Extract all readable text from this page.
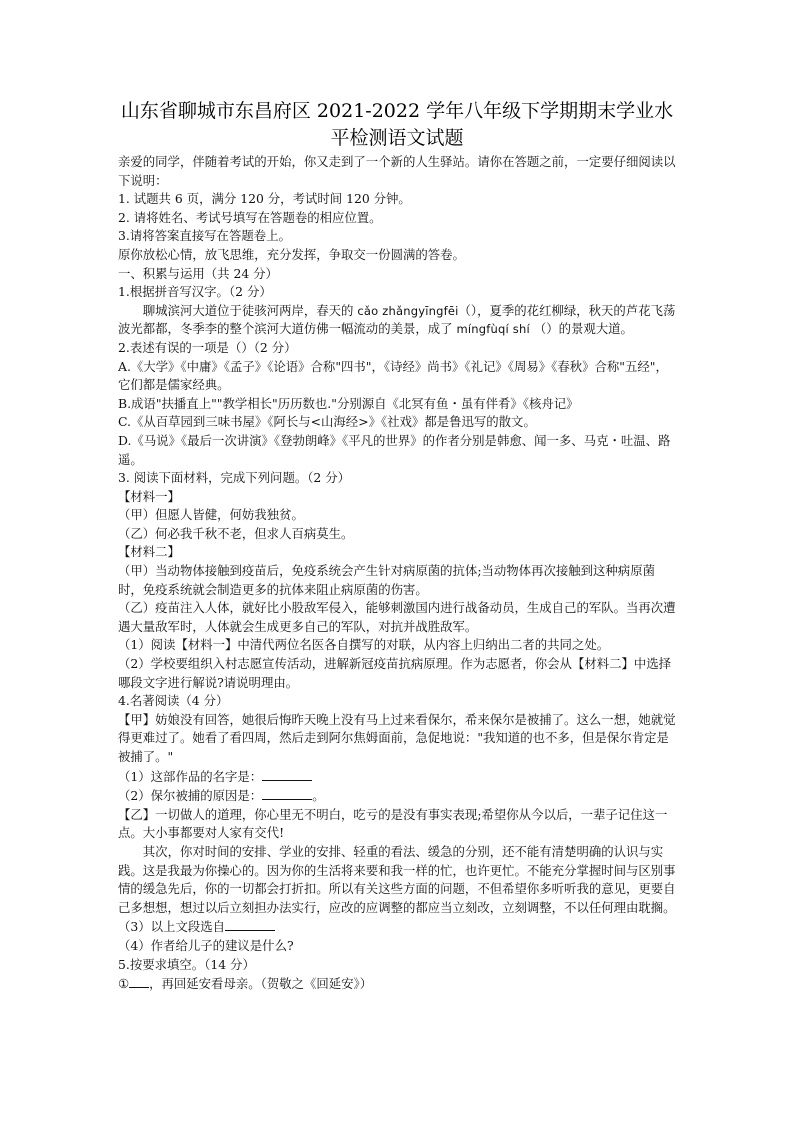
山东省聊城市东昌府区 2021-2022 学年八年级下学期期末学业水平检测语文试题

亲爱的同学，伴随着考试的开始，你又走到了一个新的人生驿站。请你在答题之前，一定要仔细阅读以下说明：

1. 试题共 6 页，满分 120 分，考试时间 120 分钟。

2. 请将姓名、考试号填写在答题卷的相应位置。

3.请将答案直接写在答题卷上。

原你放松心情，放飞思维，充分发挥，争取交一份圆满的答卷。

一、积累与运用（共 24 分）

1.根据拼音写汉字。（2 分）

聊城滨河大道位于徒骇河两岸，春天的 cǎo zhǎngyīngfēi（），夏季的花红柳绿，秋天的芦花飞荡波光都都，冬季李的整个滨河大道仿佛一幅流动的美景，成了 míngfùqí shí （）的景观大道。

2.表述有误的一项是（）（2 分）

A.《大学》《中庸》《孟子》《论语》合称"四书"，《诗经》尚书》《礼记》《周易》《春秋》合称"五经"，它们都是儒家经典。

B.成语"扶播直上""教学相长"历历数也."分别源自《北冥有鱼・虽有伴肴》《核舟记》

C.《从百草园到三味书屋》《阿长与<山海经>》《社戏》都是鲁迅写的散文。

D.《马说》《最后一次讲演》《登勃朗峰》《平凡的世界》的作者分别是韩愈、闻一多、马克・吐温、路遥。

3. 阅读下面材料，完成下列问题。（2 分）

【材料一】

（甲）但愿人皆健，何妨我独贫。

（乙）何必我千秋不老，但求人百病莫生。

【材料二】

（甲）当动物体接触到疫苗后，免疫系统会产生针对病原菌的抗体;当动物体再次接触到这种病原菌时，免疫系统就会制造更多的抗体来阻止病原菌的伤害。

（乙）疫苗注入人体，就好比小股敌军侵入，能够刺激国内进行战备动员，生成自己的军队。当再次遭遇大量敌军时，人体就会生成更多自己的军队，对抗并战胜敌军。

（1）阅读【材料一】中清代两位名医各自撰写的对联，从内容上归纳出二者的共同之处。

（2）学校要组织入村志愿宣传活动，进解新冠疫苗抗病原理。作为志愿者，你会从【材料二】中选择哪段文字进行解说?请说明理由。

4.名著阅读（4 分）

【甲】妨娘没有回答，她很后悔昨天晚上没有马上过来看保尔，希来保尔是被捕了。这么一想，她就觉得更难过了。她看了看四周，然后走到阿尔焦姆面前，急促地说："我知道的也不多，但是保尔肯定是被捕了。"

（1）这部作品的名字是：

（2）保尔被捕的原因是：	。

【乙】一切做人的道理，你心里无不明白，吃亏的是没有事实表现;希望你从今以后，一辈子记住这一点。大小事都要对人家有交代!

其次，你对时间的安排、学业的安排、轻重的看法、缓急的分别，还不能有清楚明确的认识与实践。这是我最为你操心的。因为你的生活将来要和我一样的忙，也许更忙。不能充分掌握时间与区别事情的缓急先后，你的一切都会打折扣。所以有关这些方面的问题，不但希望你多听听我的意见，更要自己多想想，想过以后立刻担办法实行，应改的应调整的都应当立刻改，立刻调整，不以任何理由耽搁。

（3）以上文段选自

（4）作者给儿子的建议是什么?

5.按要求填空。（14 分）

① ，再回延安看母亲。（贺敬之《回延安》）
